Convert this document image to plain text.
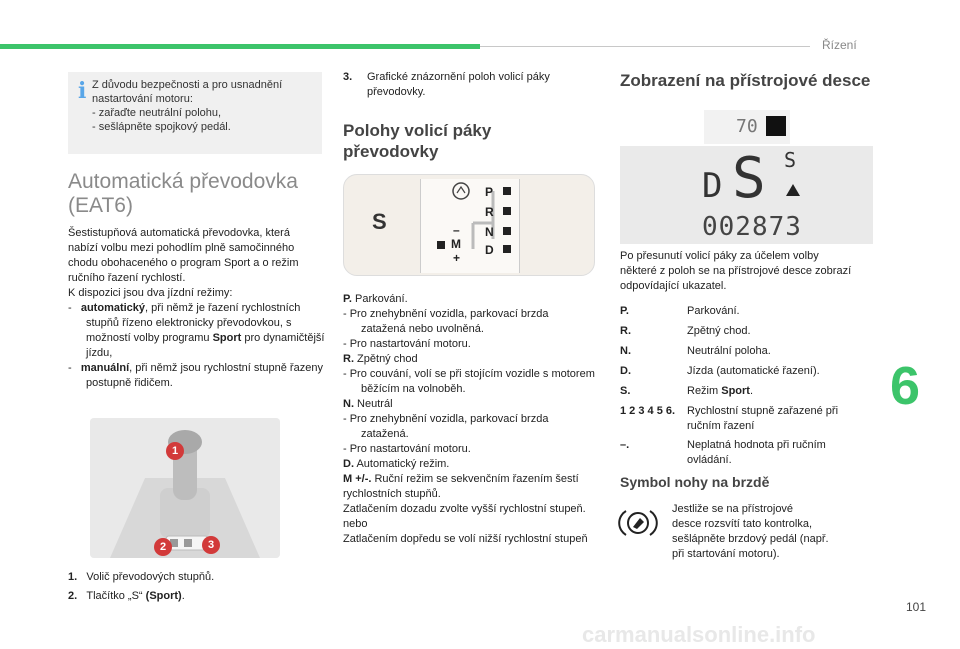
Řízení
6
101
i Z důvodu bezpečnosti a pro usnadnění
nastartování motoru:
- zařaďte neutrální polohu,
- sešlápněte spojkový pedál.
Automatická převodovka
(EAT6)
Šestistupňová automatická převodovka, která
nabízí volbu mezi pohodlím plně samočinného
chodu obohaceného o program Sport a o režim
ručního řazení rychlostí.
K dispozici jsou dva jízdní režimy:
-   automatický, při němž je řazení rychlostních stupňů řízeno elektronicky převodovkou, s možností volby programu Sport pro dynamičtější jízdu,
-   manuální, při němž jsou rychlostní stupně řazeny postupně řidičem.
1
2	3
1. Volič převodových stupňů.
2. Tlačítko „S“ (Sport).
3. Grafické znázornění poloh volicí páky
převodovky.
Polohy volicí páky
převodovky
S
P
R
N
D
–
M
+
P. Parkování.
- Pro znehybnění vozidla, parkovací brzda zatažená nebo uvolněná.
- Pro nastartování motoru.
R. Zpětný chod
- Pro couvání, volí se při stojícím vozidle s motorem běžícím na volnoběh.
N. Neutrál
- Pro znehybnění vozidla, parkovací brzda zatažená.
- Pro nastartování motoru.
D. Automatický režim.
M +/-. Ruční režim se sekvenčním řazením šestí rychlostních stupňů.
Zatlačením dozadu zvolte vyšší rychlostní stupeň.
nebo
Zatlačením dopředu se volí nižší rychlostní stupeň
Zobrazení na přístrojové desce
70
D S S
002873
Po přesunutí volicí páky za účelem volby
některé z poloh se na přístrojové desce zobrazí
odpovídající ukazatel.
P.	Parkování.
R.	Zpětný chod.
N.	Neutrální poloha.
D.	Jízda (automatické řazení).
S.	Režim Sport.
1 2 3 4 5 6.	Rychlostní stupně zařazené při ručním řazení
–.	Neplatná hodnota při ručním ovládání.
Symbol nohy na brzdě
Jestliže se na přístrojové
desce rozsvítí tato kontrolka,
sešlápněte brzdový pedál (např.
při startování motoru).
carmanualsonline.info
